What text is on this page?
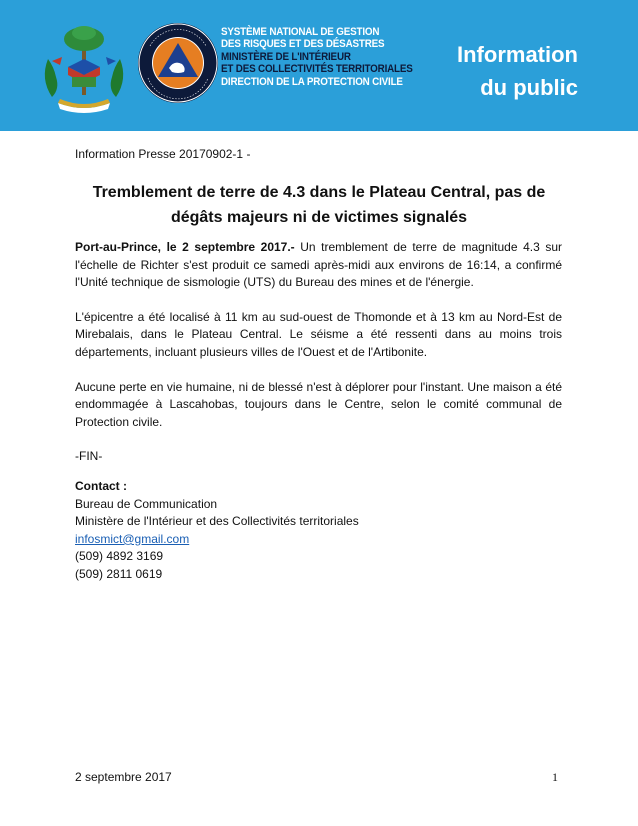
SYSTÈME NATIONAL DE GESTION
DES RISQUES ET DES DÉSASTRES
MINISTÈRE DE L'INTÉRIEUR
ET DES COLLECTIVITÉS TERRITORIALES
DIRECTION DE LA PROTECTION CIVILE
Information
du public
Information Presse 20170902-1 -
Tremblement de terre de 4.3 dans le Plateau Central, pas de dégâts majeurs ni de victimes signalés

Port-au-Prince, le 2 septembre 2017.- Un tremblement de terre de magnitude 4.3 sur l'échelle de Richter s'est produit ce samedi après-midi aux environs de 16:14, a confirmé l'Unité technique de sismologie (UTS) du Bureau des mines et de l'énergie.

L'épicentre a été localisé à 11 km au sud-ouest de Thomonde et à 13 km au Nord-Est de Mirebalais, dans le Plateau Central. Le séisme a été ressenti dans au moins trois départements, incluant plusieurs villes de l'Ouest et de l'Artibonite.

Aucune perte en vie humaine, ni de blessé n'est à déplorer pour l'instant. Une maison a été endommagée à Lascahobas, toujours dans le Centre, selon le comité communal de Protection civile.

-FIN-

Contact :
Bureau de Communication
Ministère de l'Intérieur et des Collectivités territoriales
infosmict@gmail.com
(509) 4892 3169
(509) 2811 0619
2 septembre 2017	1
